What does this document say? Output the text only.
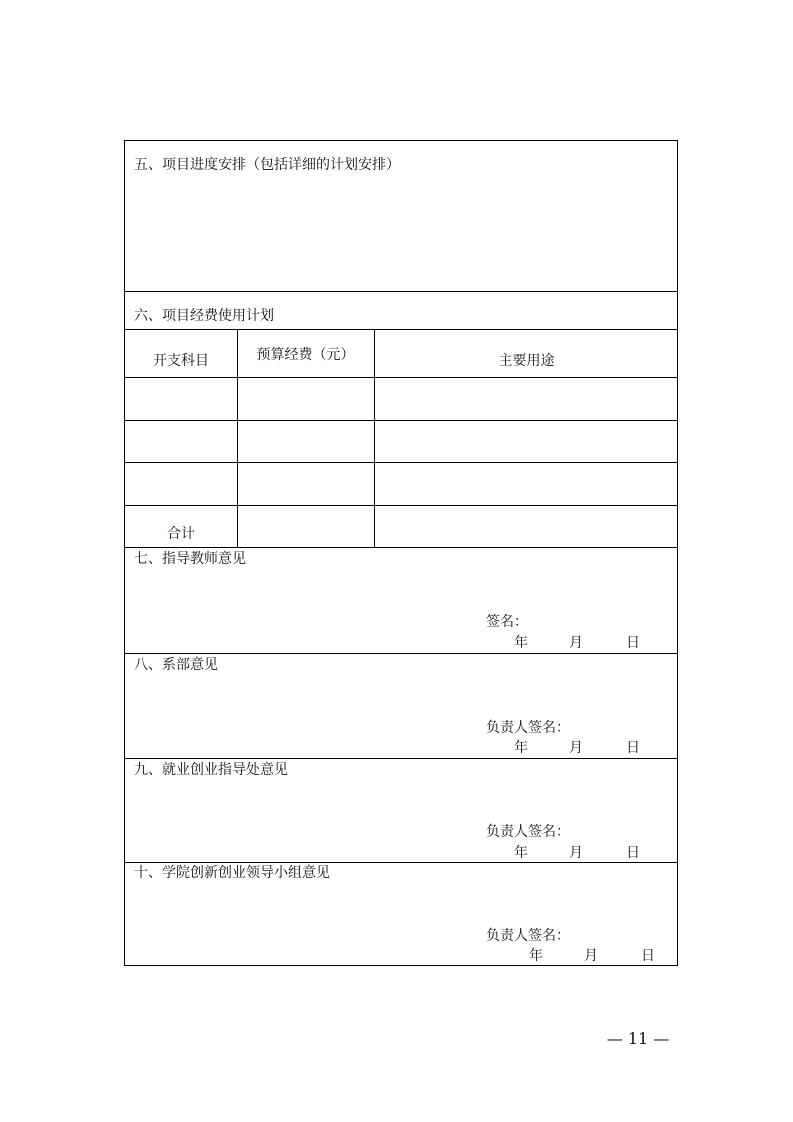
五、项目进度安排（包括详细的计划安排）
六、项目经费使用计划
开支科目	预算经费（元）	主要用途
合计
七、指导教师意见
签名：
年	月	日
八、系部意见
负责人签名：
年	月	日
九、就业创业指导处意见
负责人签名：
年	月	日
十、学院创新创业领导小组意见
负责人签名：
年	月	日
— 11 —
